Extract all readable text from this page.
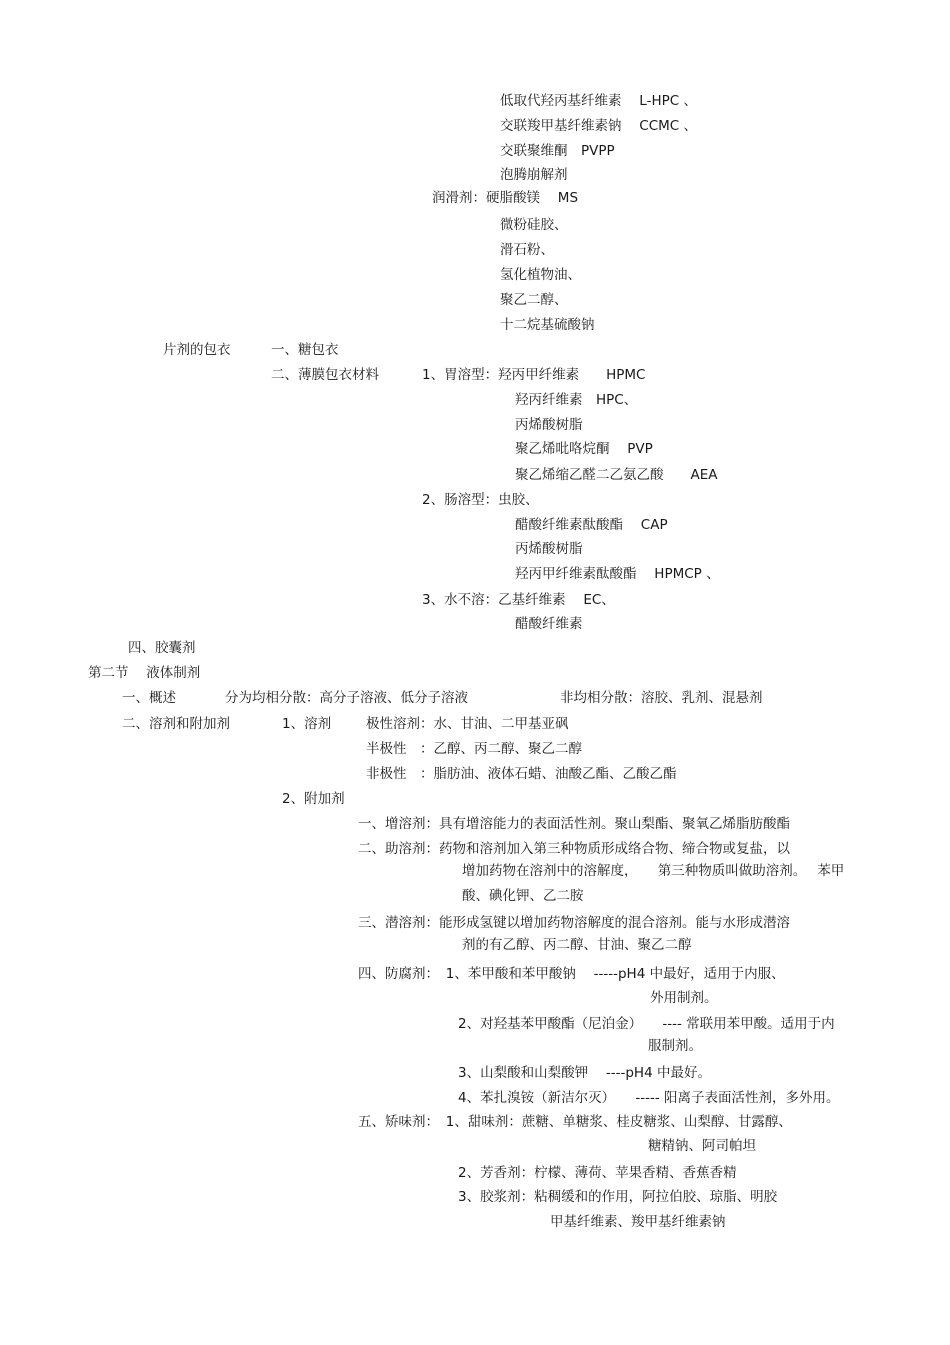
低取代羟丙基纤维素　 L-HPC 、
交联羧甲基纤维素钠　 CCMC 、
交联聚维酮　PVPP
泡腾崩解剂
润滑剂：硬脂酸镁　 MS
微粉硅胶、
滑石粉、
氢化植物油、
聚乙二醇、
十二烷基硫酸钠
片剂的包衣	一、糖包衣
二、薄膜包衣材料	1、胃溶型：羟丙甲纤维素　　HPMC
羟丙纤维素　HPC、
丙烯酸树脂
聚乙烯吡咯烷酮　 PVP
聚乙烯缩乙醛二乙氨乙酸　　AEA
2、肠溶型：虫胶、
醋酸纤维素酞酸酯　 CAP
丙烯酸树脂
羟丙甲纤维素酞酸酯　 HPMCP 、
3、水不溶：乙基纤维素　 EC、
醋酸纤维素
四、胶囊剂
第二节　 液体制剂
一、概述	分为均相分散：高分子溶液、低分子溶液	非均相分散：溶胶、乳剂、混悬剂
二、溶剂和附加剂	1、溶剂	极性溶剂：水、甘油、二甲基亚砜
半极性　：乙醇、丙二醇、聚乙二醇
非极性　：脂肪油、液体石蜡、油酸乙酯、乙酸乙酯
2、附加剂
一、增溶剂：具有增溶能力的表面活性剂。聚山梨酯、聚氧乙烯脂肪酸酯
二、助溶剂：药物和溶剂加入第三种物质形成络合物、缔合物或复盐，以
增加药物在溶剂中的溶解度，　　第三种物质叫做助溶剂。　 苯甲
酸、碘化钾、乙二胺
三、潜溶剂：能形成氢键以增加药物溶解度的混合溶剂。能与水形成潜溶
剂的有乙醇、丙二醇、甘油、聚乙二醇
四、防腐剂：　1、苯甲酸和苯甲酸钠　 -----pH4 中最好，适用于内服、
外用制剂。
2、对羟基苯甲酸酯（尼泊金）　　---- 常联用苯甲酸。适用于内
服制剂。
3、山梨酸和山梨酸钾　 ----pH4 中最好。
4、苯扎溴铵（新洁尔灭）　　----- 阳离子表面活性剂，多外用。
五、矫味剂：　1、甜味剂：蔗糖、单糖浆、桂皮糖浆、山梨醇、甘露醇、
糖精钠、阿司帕坦
2、芳香剂：柠檬、薄荷、苹果香精、香蕉香精
3、胶浆剂：粘稠缓和的作用，阿拉伯胶、琼脂、明胶
甲基纤维素、羧甲基纤维素钠
